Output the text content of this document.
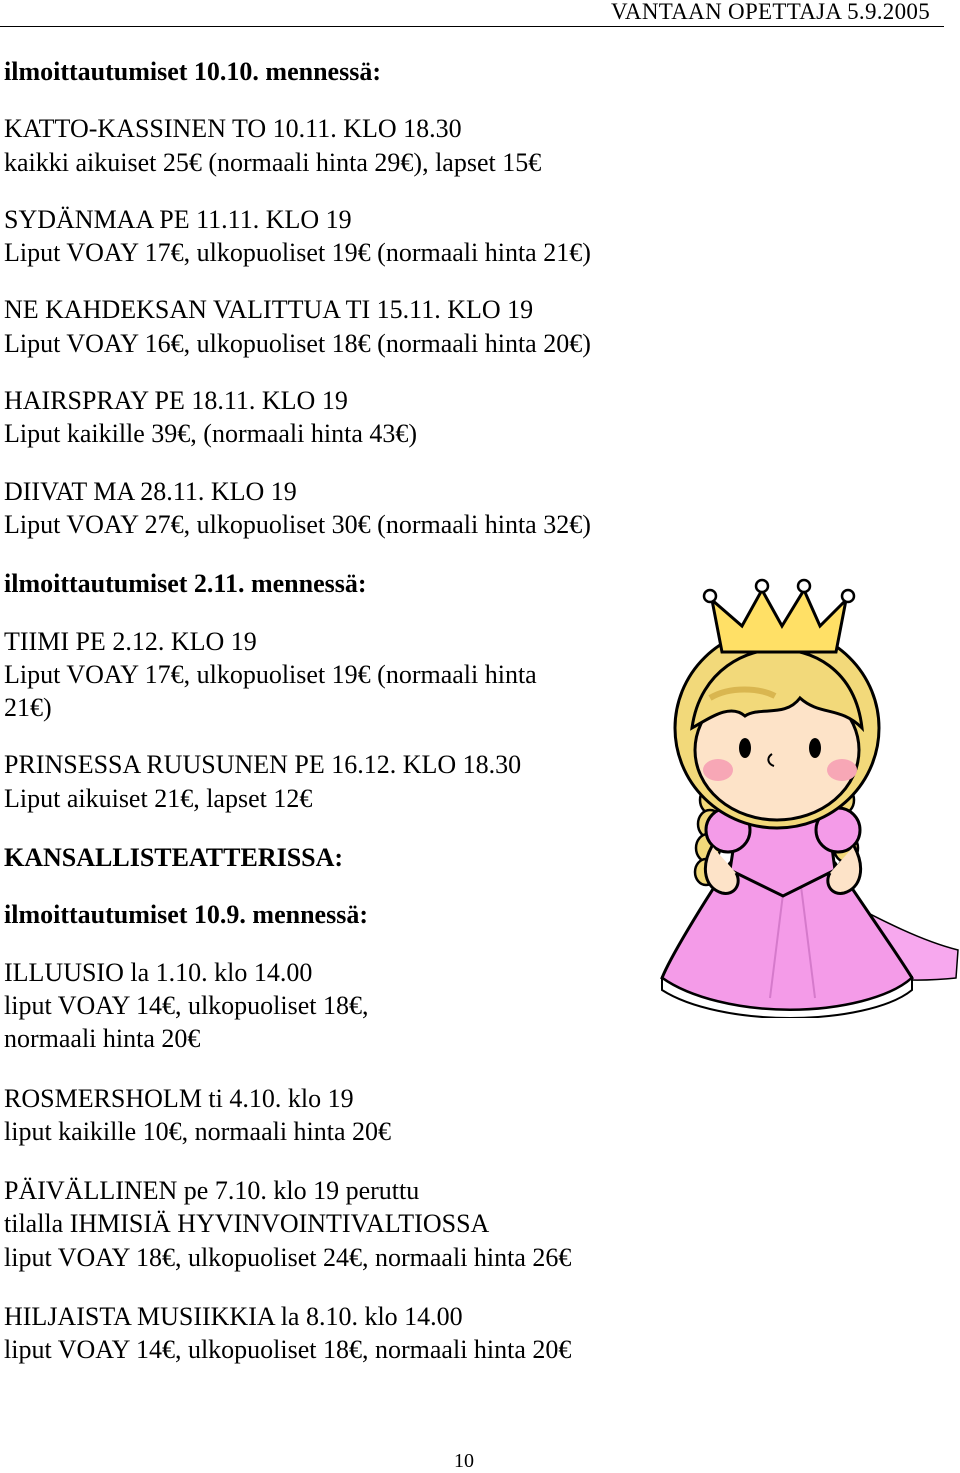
VANTAAN OPETTAJA 5.9.2005
ilmoittautumiset 10.10. mennessä:
KATTO-KASSINEN TO 10.11. KLO 18.30
kaikki aikuiset 25€ (normaali hinta 29€), lapset 15€
SYDÄNMAA PE 11.11. KLO 19
Liput VOAY 17€, ulkopuoliset 19€ (normaali hinta 21€)
NE KAHDEKSAN VALITTUA TI 15.11. KLO 19
Liput VOAY 16€, ulkopuoliset 18€ (normaali hinta 20€)
HAIRSPRAY PE 18.11. KLO 19
Liput kaikille 39€, (normaali hinta 43€)
DIIVAT MA 28.11. KLO 19
Liput VOAY 27€, ulkopuoliset 30€ (normaali hinta 32€)
ilmoittautumiset 2.11. mennessä:
TIIMI PE 2.12. KLO 19
Liput VOAY 17€, ulkopuoliset 19€ (normaali hinta
21€)
PRINSESSA RUUSUNEN PE 16.12. KLO 18.30
Liput aikuiset 21€, lapset 12€
KANSALLISTEATTERISSA:
ilmoittautumiset 10.9. mennessä:
ILLUUSIO la 1.10. klo 14.00
liput VOAY 14€, ulkopuoliset 18€,
normaali hinta 20€
ROSMERSHOLM ti 4.10. klo 19
liput kaikille 10€, normaali hinta 20€
PÄIVÄLLINEN pe 7.10. klo 19 peruttu
tilalla IHMISIÄ HYVINVOINTIVALTIOSSA
liput VOAY 18€, ulkopuoliset 24€, normaali hinta 26€
HILJAISTA MUSIIKKIA la 8.10. klo 14.00
liput VOAY 14€, ulkopuoliset 18€, normaali hinta 20€
10
